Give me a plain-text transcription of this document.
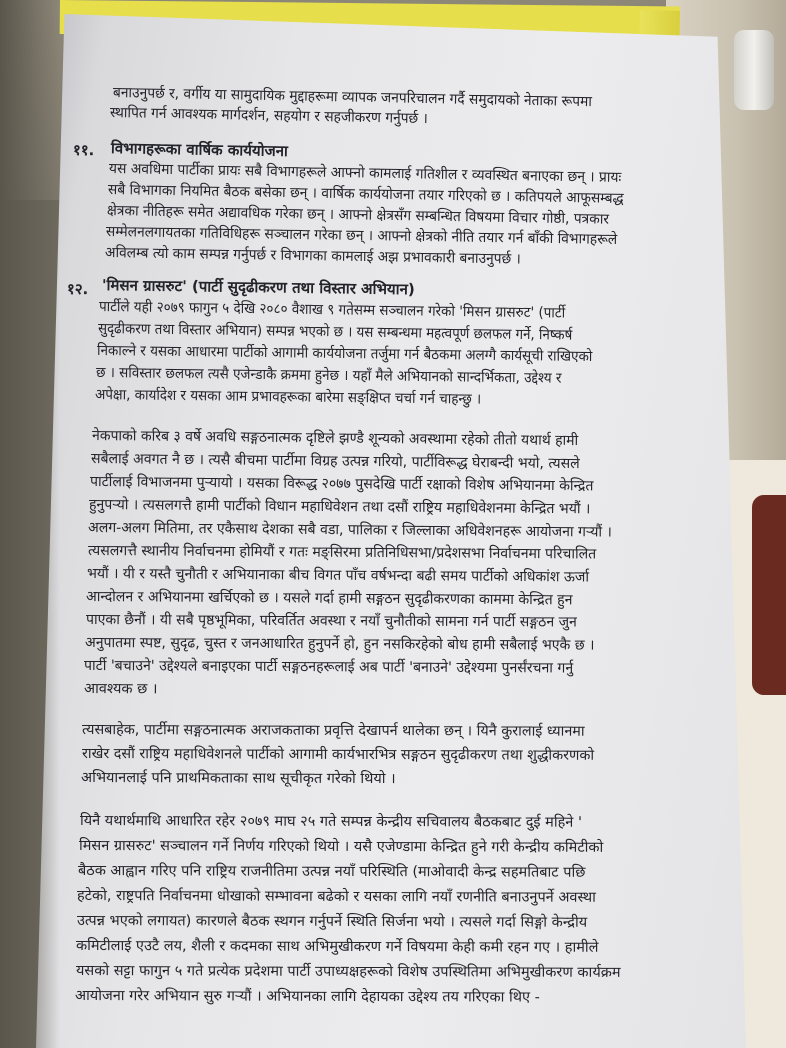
बनाउनुपर्छ र, वर्गीय या सामुदायिक मुद्दाहरूमा व्यापक जनपरिचालन गर्दै समुदायको नेताका रूपमा
स्थापित गर्न आवश्यक मार्गदर्शन, सहयोग र सहजीकरण गर्नुपर्छ ।
११. विभागहरूका वार्षिक कार्ययोजना
यस अवधिमा पार्टीका प्रायः सबै विभागहरूले आफ्नो कामलाई गतिशील र व्यवस्थित बनाएका छन् । प्रायः
सबै विभागका नियमित बैठक बसेका छन् । वार्षिक कार्ययोजना तयार गरिएको छ । कतिपयले आफूसम्बद्ध
क्षेत्रका नीतिहरू समेत अद्यावधिक गरेका छन् । आफ्नो क्षेत्रसँग सम्बन्धित विषयमा विचार गोष्ठी, पत्रकार
सम्मेलनलगायतका गतिविधिहरू सञ्चालन गरेका छन् । आफ्नो क्षेत्रको नीति तयार गर्न बाँकी विभागहरूले
अविलम्ब त्यो काम सम्पन्न गर्नुपर्छ र विभागका कामलाई अझ प्रभावकारी बनाउनुपर्छ ।
१२. 'मिसन ग्रासरुट' (पार्टी सुदृढीकरण तथा विस्तार अभियान)
पार्टीले यही २०७९ फागुन ५ देखि २०८० वैशाख ९ गतेसम्म सञ्चालन गरेको 'मिसन ग्रासरुट' (पार्टी
सुदृढीकरण तथा विस्तार अभियान) सम्पन्न भएको छ । यस सम्बन्धमा महत्वपूर्ण छलफल गर्ने, निष्कर्ष
निकाल्ने र यसका आधारमा पार्टीको आगामी कार्ययोजना तर्जुमा गर्न बैठकमा अलग्गै कार्यसूची राखिएको
छ । सविस्तार छलफल त्यसै एजेन्डाकै क्रममा हुनेछ । यहाँ मैले अभियानको सान्दर्भिकता, उद्देश्य र
अपेक्षा, कार्यादेश र यसका आम प्रभावहरूका बारेमा सङ्क्षिप्त चर्चा गर्न चाहन्छु ।
नेकपाको करिब ३ वर्षे अवधि सङ्गठनात्मक दृष्टिले झण्डै शून्यको अवस्थामा रहेको तीतो यथार्थ हामी
सबैलाई अवगत नै छ । त्यसै बीचमा पार्टीमा विग्रह उत्पन्न गरियो, पार्टीविरूद्ध घेराबन्दी भयो, त्यसले
पार्टीलाई विभाजनमा पुऱ्यायो । यसका विरूद्ध २०७७ पुसदेखि पार्टी रक्षाको विशेष अभियानमा केन्द्रित
हुनुपऱ्यो । त्यसलगत्तै हामी पार्टीको विधान महाधिवेशन तथा दसौं राष्ट्रिय महाधिवेशनमा केन्द्रित भयौं ।
अलग-अलग मितिमा, तर एकैसाथ देशका सबै वडा, पालिका र जिल्लाका अधिवेशनहरू आयोजना गऱ्यौं ।
त्यसलगत्तै स्थानीय निर्वाचनमा होमियौं र गतः मङ्सिरमा प्रतिनिधिसभा/प्रदेशसभा निर्वाचनमा परिचालित
भयौं । यी र यस्तै चुनौती र अभियानाका बीच विगत पाँच वर्षभन्दा बढी समय पार्टीको अधिकांश ऊर्जा
आन्दोलन र अभियानमा खर्चिएको छ । यसले गर्दा हामी सङ्गठन सुदृढीकरणका काममा केन्द्रित हुन
पाएका छैनौं । यी सबै पृष्ठभूमिका, परिवर्तित अवस्था र नयाँ चुनौतीको सामना गर्न पार्टी सङ्गठन जुन
अनुपातमा स्पष्ट, सुदृढ, चुस्त र जनआधारित हुनुपर्ने हो, हुन नसकिरहेको बोध हामी सबैलाई भएकै छ ।
पार्टी 'बचाउने' उद्देश्यले बनाइएका पार्टी सङ्गठनहरूलाई अब पार्टी 'बनाउने' उद्देश्यमा पुनर्संरचना गर्नु
आवश्यक छ ।
त्यसबाहेक, पार्टीमा सङ्गठनात्मक अराजकताका प्रवृत्ति देखापर्न थालेका छन् । यिनै कुरालाई ध्यानमा
राखेर दसौं राष्ट्रिय महाधिवेशनले पार्टीको आगामी कार्यभारभित्र सङ्गठन सुदृढीकरण तथा शुद्धीकरणको
अभियानलाई पनि प्राथमिकताका साथ सूचीकृत गरेको थियो ।
यिनै यथार्थमाथि आधारित रहेर २०७९ माघ २५ गते सम्पन्न केन्द्रीय सचिवालय बैठकबाट दुई महिने '
मिसन ग्रासरुट' सञ्चालन गर्ने निर्णय गरिएको थियो । यसै एजेण्डामा केन्द्रित हुने गरी केन्द्रीय कमिटीको
बैठक आह्वान गरिए पनि राष्ट्रिय राजनीतिमा उत्पन्न नयाँ परिस्थिति (माओवादी केन्द्र सहमतिबाट पछि
हटेको, राष्ट्रपति निर्वाचनमा धोखाको सम्भावना बढेको र यसका लागि नयाँ रणनीति बनाउनुपर्ने अवस्था
उत्पन्न भएको लगायत) कारणले बैठक स्थगन गर्नुपर्ने स्थिति सिर्जना भयो । त्यसले गर्दा सिङ्गो केन्द्रीय
कमिटीलाई एउटै लय, शैली र कदमका साथ अभिमुखीकरण गर्ने विषयमा केही कमी रहन गए । हामीले
यसको सट्टा फागुन ५ गते प्रत्येक प्रदेशमा पार्टी उपाध्यक्षहरूको विशेष उपस्थितिमा अभिमुखीकरण कार्यक्रम
आयोजना गरेर अभियान सुरु गऱ्यौं । अभियानका लागि देहायका उद्देश्य तय गरिएका थिए -
